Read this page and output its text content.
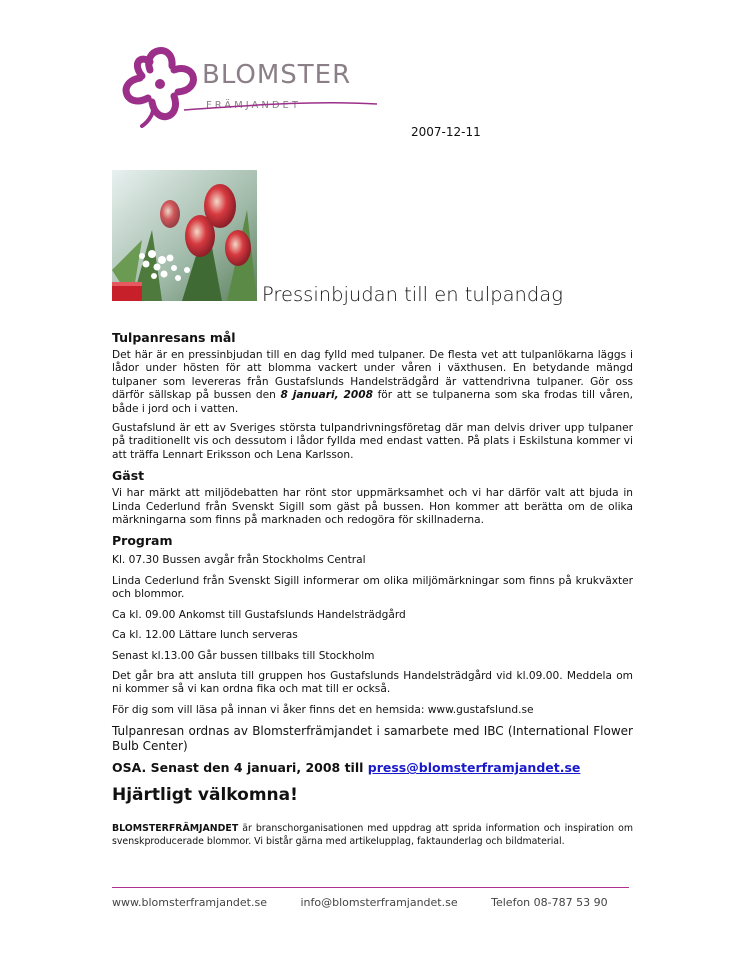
BLOMSTER
FRÄMJANDET
2007-12-11
Pressinbjudan till en tulpandag
Tulpanresans mål

Det här är en pressinbjudan till en dag fylld med tulpaner. De flesta vet att tulpanlökarna läggs i lådor under hösten för att blomma vackert under våren i växthusen. En betydande mängd tulpaner som levereras från Gustafslunds Handelsträdgård är vattendrivna tulpaner. Gör oss därför sällskap på bussen den 8 januari, 2008 för att se tulpanerna som ska frodas till våren, både i jord och i vatten.

Gustafslund är ett av Sveriges största tulpandrivningsföretag där man delvis driver upp tulpaner på traditionellt vis och dessutom i lådor fyllda med endast vatten. På plats i Eskilstuna kommer vi att träffa Lennart Eriksson och Lena Karlsson.

Gäst

Vi har märkt att miljödebatten har rönt stor uppmärksamhet och vi har därför valt att bjuda in Linda Cederlund från Svenskt Sigill som gäst på bussen. Hon kommer att berätta om de olika märkningarna som finns på marknaden och redogöra för skillnaderna.

Program

Kl. 07.30 Bussen avgår från Stockholms Central

Linda Cederlund från Svenskt Sigill informerar om olika miljömärkningar som finns på krukväxter och blommor.

Ca kl. 09.00 Ankomst till Gustafslunds Handelsträdgård

Ca kl. 12.00 Lättare lunch serveras

Senast kl.13.00 Går bussen tillbaks till Stockholm

Det går bra att ansluta till gruppen hos Gustafslunds Handelsträdgård vid kl.09.00. Meddela om ni kommer så vi kan ordna fika och mat till er också.

För dig som vill läsa på innan vi åker finns det en hemsida: www.gustafslund.se

Tulpanresan ordnas av Blomsterfrämjandet i samarbete med IBC (International Flower Bulb Center)

OSA. Senast den 4 januari, 2008 till press@blomsterframjandet.se
Hjärtligt välkomna!

BLOMSTERFRÄMJANDET är branschorganisationen med uppdrag att sprida information och inspiration om svenskproducerade blommor. Vi bistår gärna med artikelupplag, faktaunderlag och bildmaterial.

www.blomsterframjandet.se	info@blomsterframjandet.se	Telefon 08-787 53 90
